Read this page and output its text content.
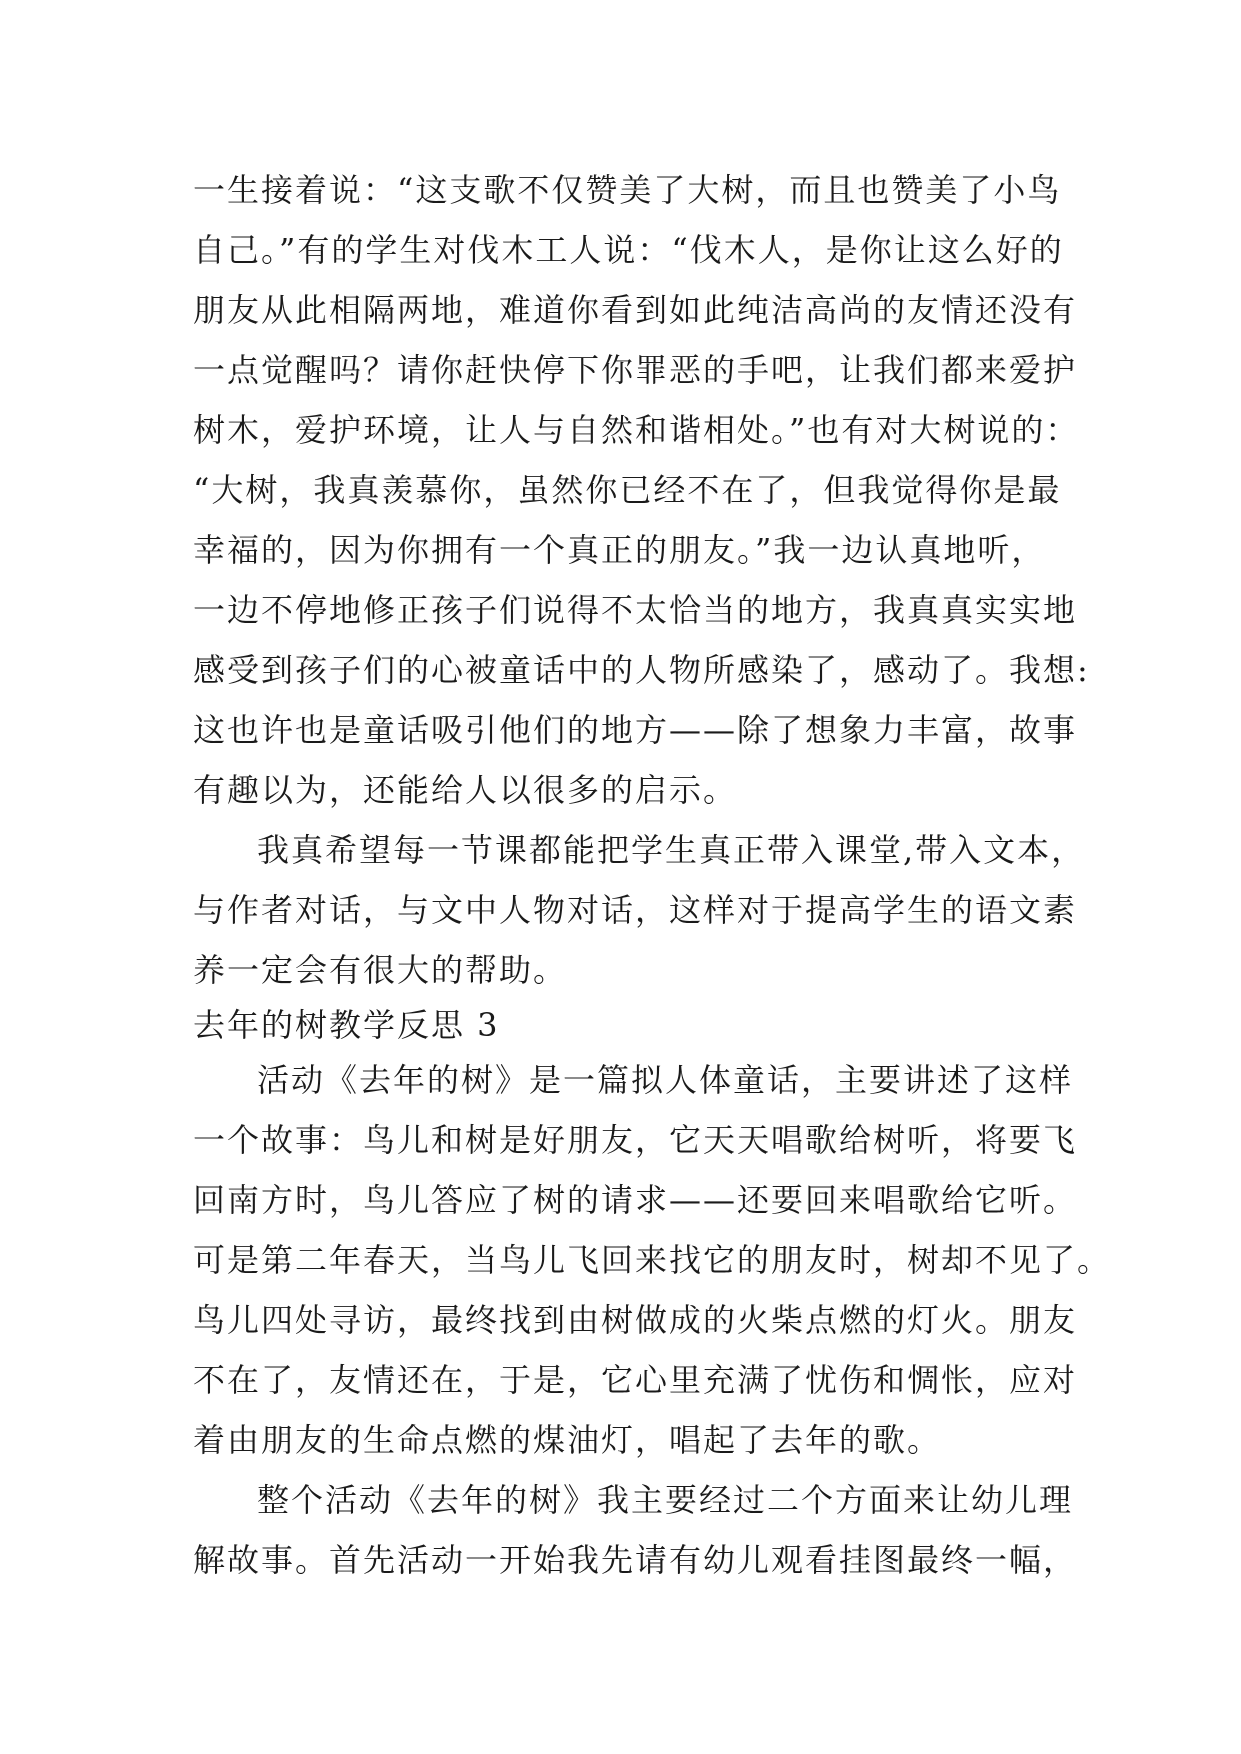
一生接着说：“这支歌不仅赞美了大树，而且也赞美了小鸟
自己。”有的学生对伐木工人说：“伐木人，是你让这么好的
朋友从此相隔两地，难道你看到如此纯洁高尚的友情还没有
一点觉醒吗？请你赶快停下你罪恶的手吧，让我们都来爱护
树木，爱护环境，让人与自然和谐相处。”也有对大树说的：
“大树，我真羡慕你，虽然你已经不在了，但我觉得你是最
幸福的，因为你拥有一个真正的朋友。”我一边认真地听，
一边不停地修正孩子们说得不太恰当的地方，我真真实实地
感受到孩子们的心被童话中的人物所感染了，感动了。我想:
这也许也是童话吸引他们的地方——除了想象力丰富，故事
有趣以为，还能给人以很多的启示。
我真希望每一节课都能把学生真正带入课堂,带入文本，
与作者对话，与文中人物对话，这样对于提高学生的语文素
养一定会有很大的帮助。
去年的树教学反思 3
活动《去年的树》是一篇拟人体童话，主要讲述了这样
一个故事：鸟儿和树是好朋友，它天天唱歌给树听，将要飞
回南方时，鸟儿答应了树的请求——还要回来唱歌给它听。
可是第二年春天，当鸟儿飞回来找它的朋友时，树却不见了。
鸟儿四处寻访，最终找到由树做成的火柴点燃的灯火。朋友
不在了，友情还在，于是，它心里充满了忧伤和惆怅，应对
着由朋友的生命点燃的煤油灯，唱起了去年的歌。
整个活动《去年的树》我主要经过二个方面来让幼儿理
解故事。首先活动一开始我先请有幼儿观看挂图最终一幅，
